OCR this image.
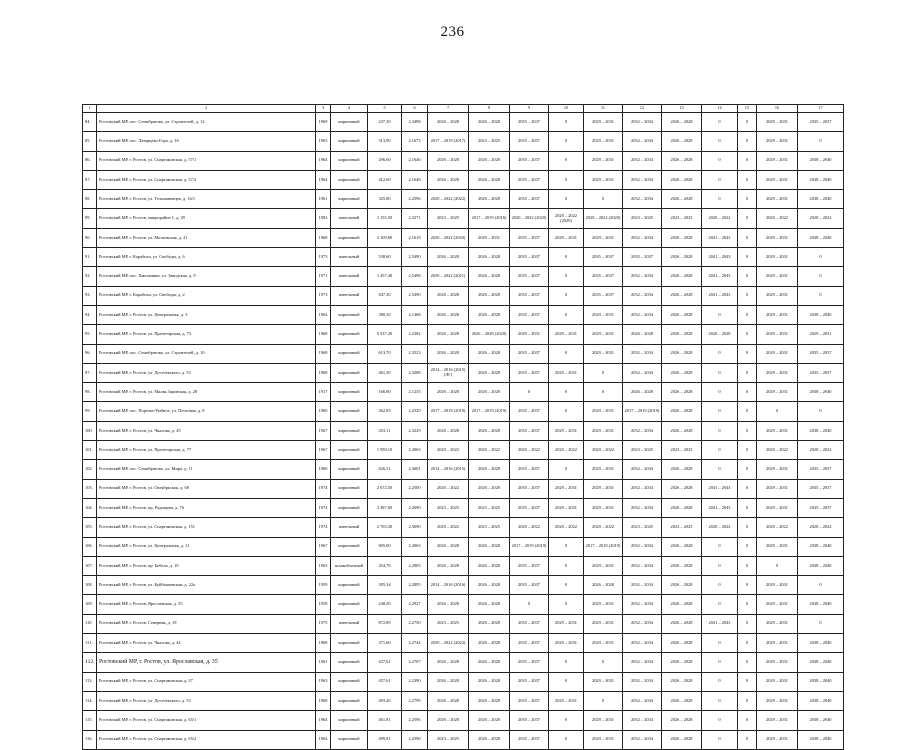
236
1	2	3	4	5	6	7	8	9	10	11	12	13	14	15	16	17
84.	Ростовский МР, пос. Семибратово, ул. Строителей, д. 12	1969	кирпичный	237,30	2,3498	2026 – 2028	2026 – 2028	2035 – 2037	0	2029 – 2031	2032 – 2034	2026 – 2028	0	0	2029 – 2031	2035 – 2037
85.	Ростовский МР, пос. Лазарцево-Гора, д. 16	1963	кирпичный	313,99	2,1673	2017 – 2019 (2017)	2023 – 2025	2035 – 2037	0	2029 – 2031	2032 – 2034	2026 – 2028	0	0	2029 – 2031	0
86.	Ростовский МР, г. Ростов, ул. Спартаковская, д. 57/1	1964	кирпичный	296,60	2,1646	2026 – 2028	2026 – 2028	2035 – 2037	0	2029 – 2031	2032 – 2034	2026 – 2028	0	0	2029 – 2031	2038 – 2040
87.	Ростовский МР, г. Ростов, ул. Спартаковская, д. 57/2	1964	кирпичный	412,60	2,1646	2026 – 2028	2026 – 2028	2035 – 2037	0	2029 – 2031	2032 – 2034	2026 – 2028	0	0	2029 – 2031	2038 – 2040
88.	Ростовский МР, г. Ростов, ул. Тельмановцев, д. 16/1	1961	кирпичный	325,80	2,2596	2020 – 2022 (2022)	2026 – 2028	2035 – 2037	0	0	2032 – 2034	2026 – 2028	0	0	2029 – 2031	2038 – 2040
89.	Ростовский МР, г. Ростов, микрорайон 1, д. 29	1983	панельный	1 155,50	2,3271	2023 – 2025	2017 – 2019 (2016)	2020 – 2022 (2020)	2020 – 2022 (2020)	2020 – 2022 (2020)	2023 – 2025	2023 – 2025	2020 – 2022	0	2020 – 2022	2020 – 2022
90.	Ростовский МР, г. Ростов, ул. Московская, д. 21	1968	кирпичный	2 109,80	2,1619	2020 – 2022 (2020)	2029 – 2031	2035 – 2037	2029 – 2031	2029 – 2031	2032 – 2034	2026 – 2028	2041 – 2043	0	2029 – 2031	2038 – 2040
91.	Ростовский МР, г. Карабиха, ул. Свободы, д. 6	1973	панельный	538,60	2,5490	2026 – 2028	2026 – 2028	2035 – 2037	0	2035 – 2037	2035 – 2037	2026 – 2028	2041 – 2043	0	2029 – 2031	0
92.	Ростовский МР, пос. Хмельники, ул. Заводская, д. 9	1971	панельный	1 457,40	2,5498	2020 – 2022 (2021)	2026 – 2028	2035 – 2037	0	2035 – 2037	2032 – 2034	2026 – 2028	2041 – 2043	0	2029 – 2031	0
93.	Ростовский МР, г. Карабиха, ул. Свободы, д. 2	1973	панельный	847,30	2,5490	2026 – 2028	2026 – 2028	2035 – 2037	0	2035 – 2037	2032 – 2034	2026 – 2028	2041 – 2043	0	2029 – 2031	0
94.	Ростовский МР, г. Ростов, ул. Центральная, д. 3	1964	кирпичный	380,30	2,1468	2026 – 2028	2026 – 2028	2035 – 2037	0	2029 – 2031	2032 – 2034	2026 – 2028	0	0	2029 – 2031	2038 – 2040
95.	Ростовский МР, г. Ростов, ул. Пролетарская, д. 73	1968	кирпичный	5 537,20	2,2382	2026 – 2028	2026 – 2028 (2020)	2029 – 2031	2029 – 2031	2029 – 2031	2026 – 2028	2026 – 2028	2026 – 2028	0	2029 – 2031	2029 – 2031
96.	Ростовский МР, пос. Семибратово, ул. Строителей, д. 10	1968	кирпичный	613,70	2,3523	2026 – 2028	2026 – 2028	2035 – 2037	0	2029 – 2031	2032 – 2034	2026 – 2028	0	0	2029 – 2031	2035 – 2037
97.	Ростовский МР, г. Ростов, ул. Достоевского, д. 53	1968	кирпичный	461,50	2,3288	2014 – 2016 (2015)(ЛГ)	2026 – 2028	2035 – 2037	2029 – 2031	0	2032 – 2034	2026 – 2028	0	0	2029 – 2031	2035 – 2037
98.	Ростовский МР, г. Ростов, ул. Малая Заровская, д. 28	1917	кирпичный	166,00	2,1235	2026 – 2028	2026 – 2028	0	0	0	2026 – 2028	2026 – 2028	0	0	2029 – 2031	2038 – 2040
99.	Ростовский МР, пос. Поречье-Рыбное, ул. Почтовая, д. 8	1960	кирпичный	262,83	2,2520	2017 – 2019 (2019)	2017 – 2019 (2019)	2035 – 2037	0	2029 – 2031	2017 – 2019 (2019)	2026 – 2028	0	0	0	0
100.	Ростовский МР, г. Ростов, ул. Чкалова, д. 45	1967	кирпичный	453,11	2,3229	2026 – 2028	2026 – 2028	2035 – 2037	2029 – 2031	2029 – 2031	2032 – 2034	2026 – 2028	0	0	2029 – 2031	2038 – 2040
101.	Ростовский МР, г. Ростов, ул. Пролетарская, д. 77	1967	кирпичный	1 959,10	2,2063	2020 – 2022	2020 – 2022	2020 – 2022	2020 – 2022	2020 – 2022	2023 – 2025	2023 – 2025	0	0	2020 – 2022	2020 – 2022
102.	Ростовский МР, пос. Семибратово, ул. Мира, д. 11	1960	кирпичный	626,31	2,3601	2014 – 2016 (2015)	2026 – 2028	2035 – 2037	0	2029 – 2031	2032 – 2034	2026 – 2028	0	0	2029 – 2031	2035 – 2037
103.	Ростовский МР, г. Ростов, ул. Октябрьская, д. 68	1974	кирпичный	2 672,50	2,2500	2020 – 2022	2026 – 2028	2035 – 2037	2029 – 2031	2029 – 2031	2032 – 2034	2026 – 2028	2041 – 2043	0	2029 – 2031	2035 – 2037
104.	Ростовский МР, г. Ростов, пр. Радищева, д. 76	1974	кирпичный	3 387,60	2,2690	2023 – 2025	2023 – 2025	2035 – 2037	2029 – 2031	2029 – 2031	2032 – 2034	2026 – 2028	2041 – 2043	0	2029 – 2031	2035 – 2037
105.	Ростовский МР, г. Ростов, ул. Спартаковская, д. 151	1974	панельный	2 763,30	2,5690	2020 – 2022	2023 – 2025	2020 – 2022	2020 – 2022	2020 – 2022	2023 – 2025	2023 – 2025	2020 – 2022	0	2020 – 2022	2020 – 2022
106.	Ростовский МР, г. Ростов, ул. Центральная, д. 11	1967	кирпичный	905,00	2,2063	2026 – 2028	2026 – 2028	2017 – 2019 (2019)	0	2017 – 2019 (2019)	2032 – 2034	2026 – 2028	0	0	2029 – 2031	2038 – 2040
107.	Ростовский МР, г. Ростов, пр. Бебеля, д. 10	1963	шлакоблочный	454,70	2,2905	2026 – 2028	2026 – 2028	2035 – 2037	0	2029 – 2031	2032 – 2034	2026 – 2028	0	0	0	2038 – 2040
108.	Ростовский МР, г. Ростов, ул. Куйбышевская, д. 22а	1959	кирпичный	395,34	2,2895	2014 – 2016 (2016)	2026 – 2028	2035 – 2037	0	2026 – 2028	2032 – 2034	2026 – 2028	0	0	2029 – 2031	0
109.	Ростовский МР, г. Ростов, Ярославская, д. 55	1958	кирпичный	248,50	2,2927	2026 – 2028	2026 – 2028	0	0	2029 – 2031	2032 – 2034	2026 – 2028	0	0	2029 – 2031	2038 – 2040
110.	Ростовский МР, г. Ростов, Северная, д. 19	1975	панельный	872,89	2,2750	2023 – 2025	2026 – 2028	2035 – 2037	2029 – 2031	2029 – 2031	2032 – 2034	2026 – 2028	2041 – 2043	0	2029 – 2031	0
111.	Ростовский МР, г. Ростов, ул. Чкалова, д. 44	1968	кирпичный	371,60	2,2744	2020 – 2022 (2022)	2026 – 2028	2035 – 2037	2029 – 2031	2029 – 2031	2032 – 2034	2026 – 2028	0	0	2029 – 2031	2038 – 2040
112.	Ростовский МР, г. Ростов, ул. Ярославская, д. 35	1961	кирпичный	437,61	2,2707	2026 – 2028	2026 – 2028	2035 – 2037	0	0	2032 – 2034	2026 – 2028	0	0	2029 – 2031	2038 – 2040
113.	Ростовский МР, г. Ростов, ул. Спартаковская, д. 37	1963	кирпичный	457,61	2,2390	2026 – 2028	2026 – 2028	2035 – 2037	0	2029 – 2031	2032 – 2034	2026 – 2028	0	0	2029 – 2031	2038 – 2040
114.	Ростовский МР, г. Ростов, ул. Достоевского, д. 53	1968	кирпичный	493,20	2,2799	2026 – 2028	2026 – 2028	2035 – 2037	2029 – 2031	0	2032 – 2034	2026 – 2028	0	0	2029 – 2031	2038 – 2040
115.	Ростовский МР, г. Ростов, ул. Спартаковская, д. 65/1	1964	кирпичный	461,81	2,2596	2026 – 2028	2026 – 2028	2035 – 2037	0	2029 – 2031	2032 – 2034	2026 – 2028	0	0	2029 – 2031	2038 – 2040
116.	Ростовский МР, г. Ростов, ул. Спартаковская, д. 65/2	1964	кирпичный	499,81	2,2590	2023 – 2025	2026 – 2028	2035 – 2037	0	2029 – 2031	2032 – 2034	2026 – 2028	0	0	2029 – 2031	2038 – 2040
